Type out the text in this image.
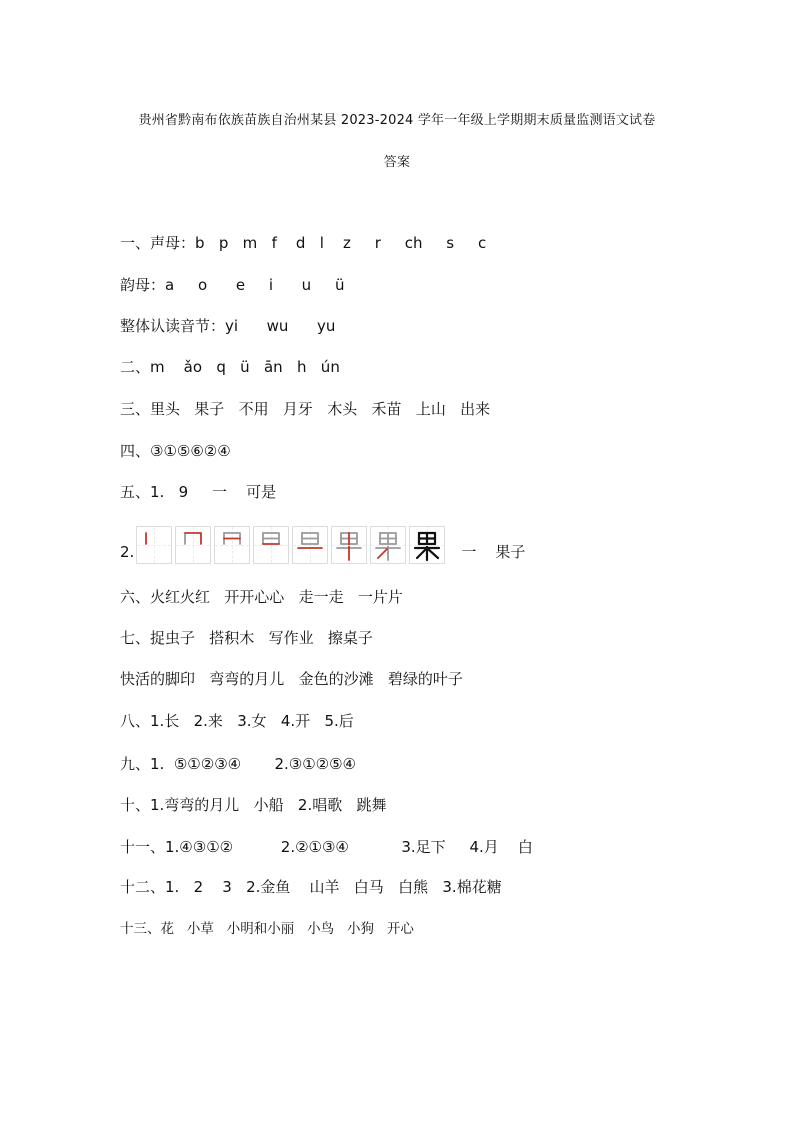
贵州省黔南布依族苗族自治州某县 2023-2024 学年一年级上学期期末质量监测语文试卷
答案
一、声母：b   p   m   f    d   l    z     r     ch     s     c
韵母：a     o      e     i      u     ü
整体认读音节：yi      wu      yu
二、m    ǎo   q   ü   ān   h   ún
三、里头   果子   不用   月牙   木头   禾苗   上山   出来
四、③①⑤⑥②④
五、1.   9     一    可是
2.	一    果子
六、火红火红   开开心心   走一走   一片片
七、捉虫子   搭积木   写作业   擦桌子
快活的脚印   弯弯的月儿   金色的沙滩   碧绿的叶子
八、1.长   2.来   3.女   4.开   5.后
九、1.  ⑤①②③④       2.③①②⑤④
十、1.弯弯的月儿   小船   2.唱歌   跳舞
十一、1.④③①②          2.②①③④           3.足下     4.月    白
十二、1.   2    3   2.金鱼    山羊   白马   白熊   3.棉花糖
十三、花   小草   小明和小丽   小鸟   小狗   开心
